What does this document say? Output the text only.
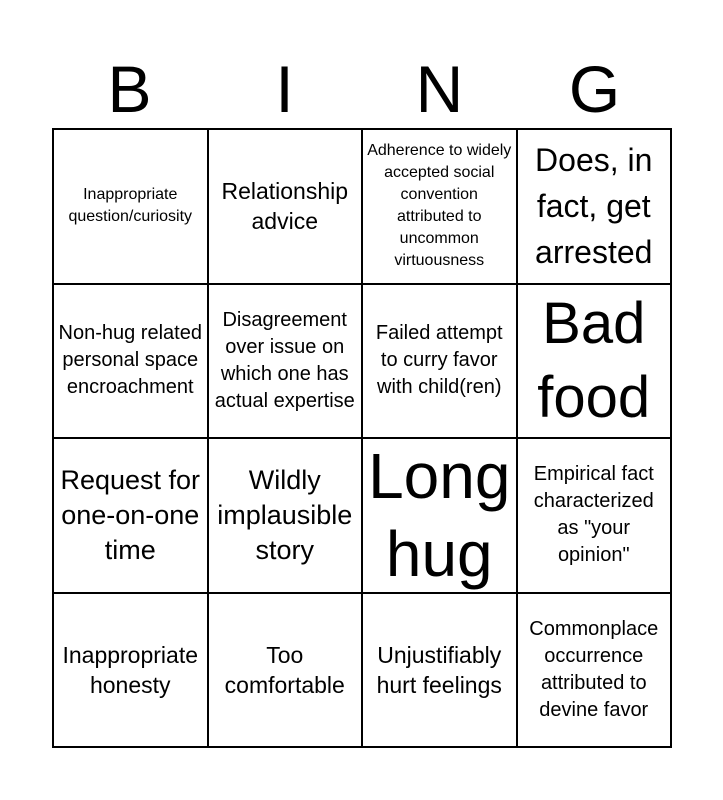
B	I	N	G
Inappropriate question/curiosity
Relationship advice
Adherence to widely accepted social convention attributed to uncommon virtuousness
Does, in fact, get arrested
Non-hug related personal space encroachment
Disagreement over issue on which one has actual expertise
Failed attempt to curry favor with child(ren)
Bad food
Request for one-on-one time
Wildly implausible story
Long hug
Empirical fact characterized as "your opinion"
Inappropriate honesty
Too comfortable
Unjustifiably hurt feelings
Commonplace occurrence attributed to devine favor
